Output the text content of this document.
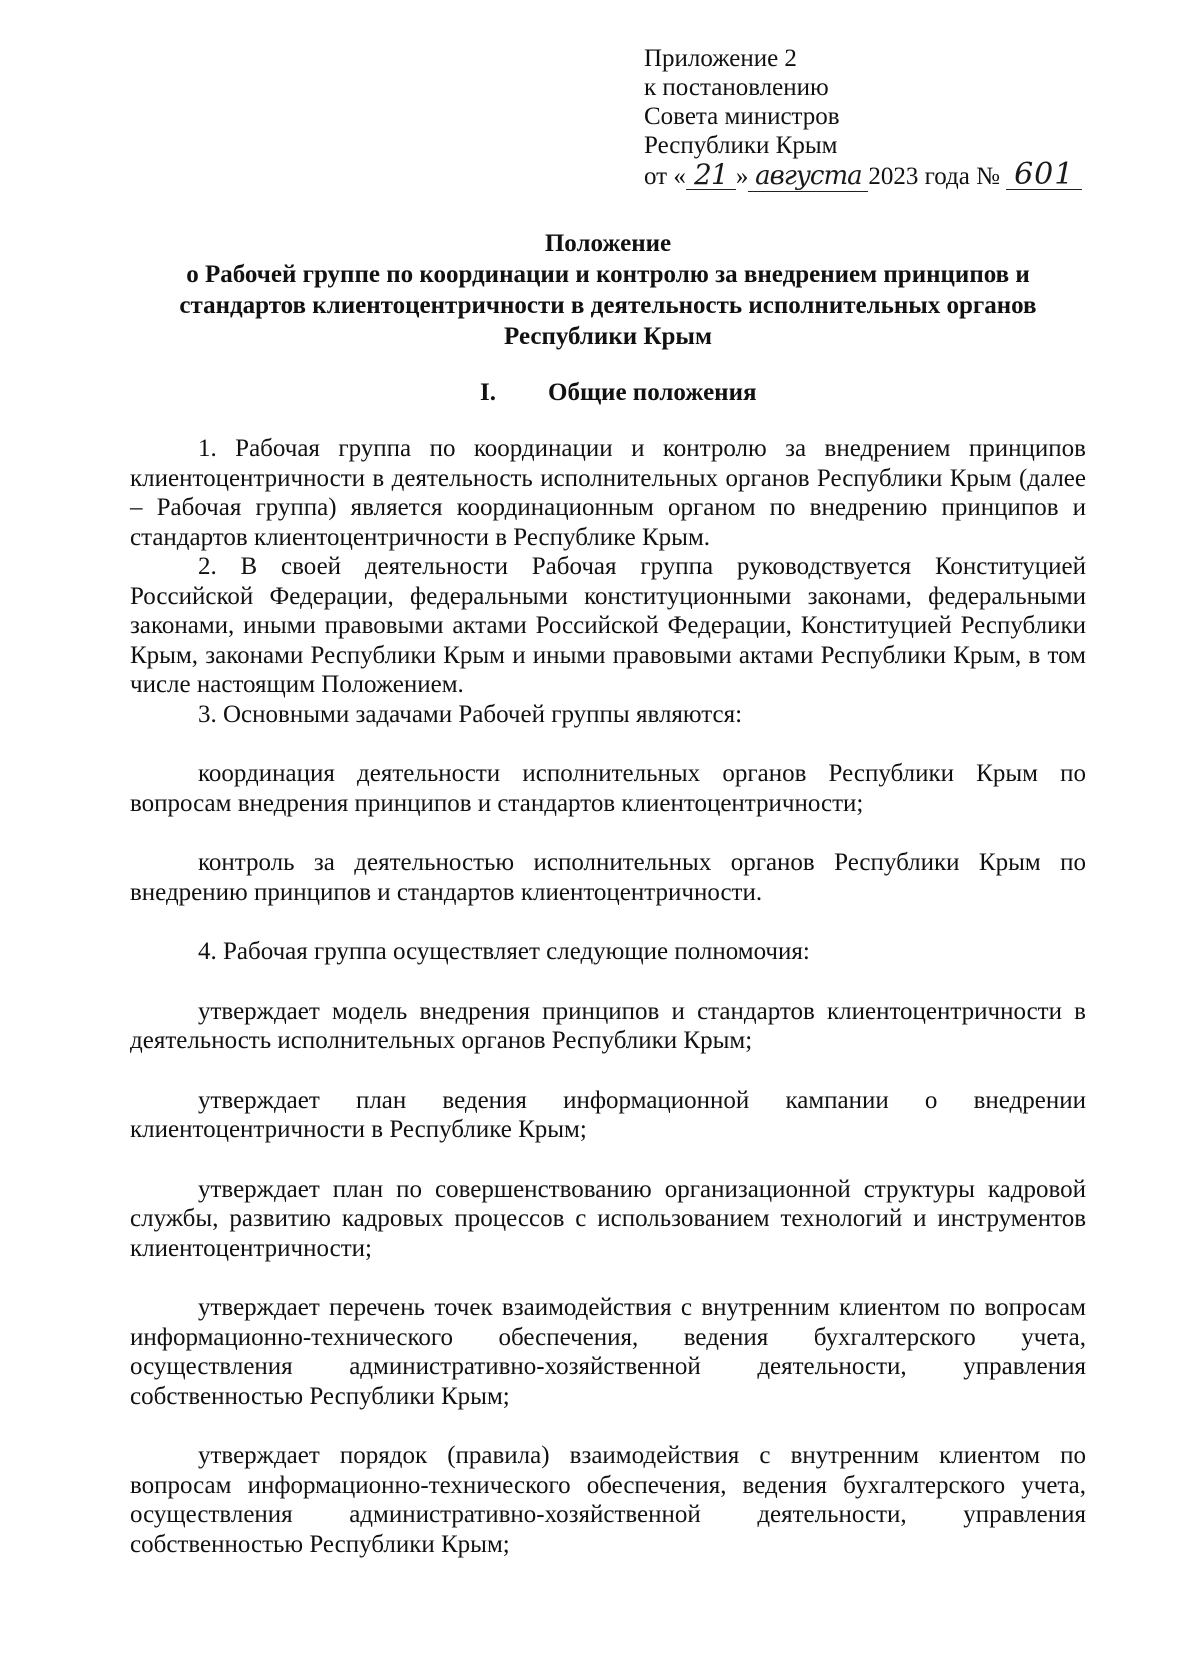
Приложение 2
к постановлению
Совета министров
Республики Крым
от « 21 » августа 2023 года № 601
Положение
о Рабочей группе по координации и контролю за внедрением принципов и
стандартов клиентоцентричности в деятельность исполнительных органов
Республики Крым
I. Общие положения

1. Рабочая группа по координации и контролю за внедрением принципов клиентоцентричности в деятельность исполнительных органов Республики Крым (далее – Рабочая группа) является координационным органом по внедрению принципов и стандартов клиентоцентричности в Республике Крым.

2. В своей деятельности Рабочая группа руководствуется Конституцией Российской Федерации, федеральными конституционными законами, федеральными законами, иными правовыми актами Российской Федерации, Конституцией Республики Крым, законами Республики Крым и иными правовыми актами Республики Крым, в том числе настоящим Положением.

3. Основными задачами Рабочей группы являются:

координация деятельности исполнительных органов Республики Крым по вопросам внедрения принципов и стандартов клиентоцентричности;

контроль за деятельностью исполнительных органов Республики Крым по внедрению принципов и стандартов клиентоцентричности.

4. Рабочая группа осуществляет следующие полномочия:

утверждает модель внедрения принципов и стандартов клиентоцентричности в деятельность исполнительных органов Республики Крым;

утверждает план ведения информационной кампании о внедрении клиентоцентричности в Республике Крым;

утверждает план по совершенствованию организационной структуры кадровой службы, развитию кадровых процессов с использованием технологий и инструментов клиентоцентричности;

утверждает перечень точек взаимодействия с внутренним клиентом по вопросам информационно-технического обеспечения, ведения бухгалтерского учета, осуществления административно-хозяйственной деятельности, управления собственностью Республики Крым;

утверждает порядок (правила) взаимодействия с внутренним клиентом по вопросам информационно-технического обеспечения, ведения бухгалтерского учета, осуществления административно-хозяйственной деятельности, управления собственностью Республики Крым;
